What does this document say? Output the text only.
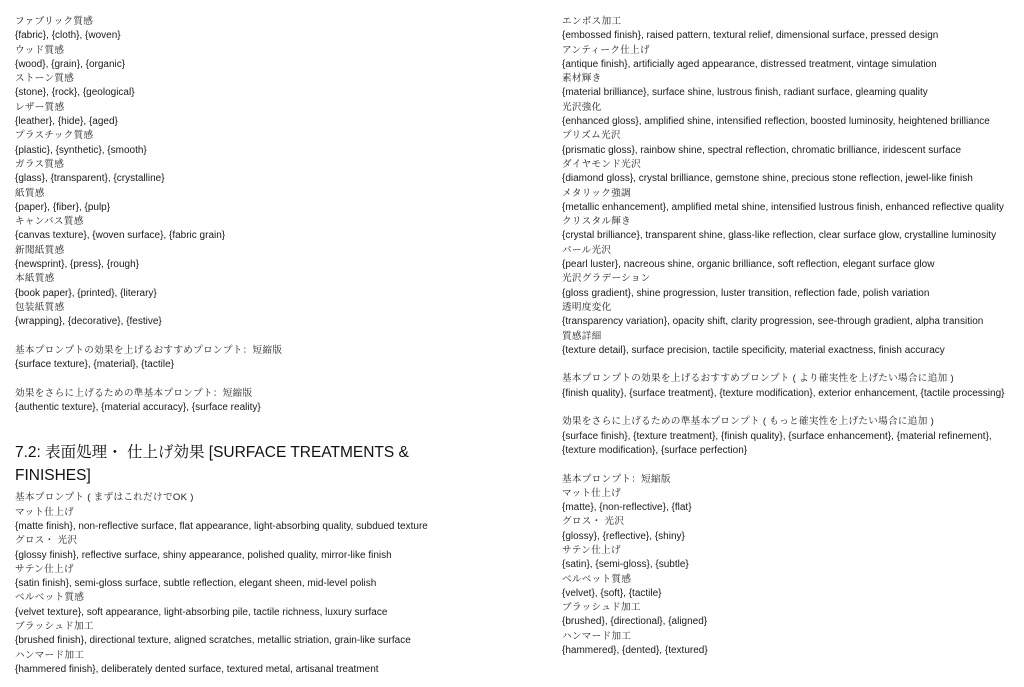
ファブリック質感
{fabric}, {cloth}, {woven}
ウッド質感
{wood}, {grain}, {organic}
ストーン質感
{stone}, {rock}, {geological}
レザー質感
{leather}, {hide}, {aged}
プラスチック質感
{plastic}, {synthetic}, {smooth}
ガラス質感
{glass}, {transparent}, {crystalline}
紙質感
{paper}, {fiber}, {pulp}
キャンバス質感
{canvas texture}, {woven surface}, {fabric grain}
新聞紙質感
{newsprint}, {press}, {rough}
本紙質感
{book paper}, {printed}, {literary}
包装紙質感
{wrapping}, {decorative}, {festive}
基本プロンプトの効果を上げるおすすめプロンプト：短縮版
{surface texture}, {material}, {tactile}
効果をさらに上げるための準基本プロンプト：短縮版
{authentic texture}, {material accuracy}, {surface reality}
7.2: 表面処理・ 仕上げ効果 [SURFACE TREATMENTS & FINISHES]
基本プロンプト ( まずはこれだけでOK )
マット仕上げ
{matte finish}, non-reflective surface, flat appearance, light-absorbing quality, subdued texture
グロス・ 光沢
{glossy finish}, reflective surface, shiny appearance, polished quality, mirror-like finish
サテン仕上げ
{satin finish}, semi-gloss surface, subtle reflection, elegant sheen, mid-level polish
ベルベット質感
{velvet texture}, soft appearance, light-absorbing pile, tactile richness, luxury surface
ブラッシュド加工
{brushed finish}, directional texture, aligned scratches, metallic striation, grain-like surface
ハンマード加工
{hammered finish}, deliberately dented surface, textured metal, artisanal treatment
エンボス加工
{embossed finish}, raised pattern, textural relief, dimensional surface, pressed design
アンティーク仕上げ
{antique finish}, artificially aged appearance, distressed treatment, vintage simulation
素材輝き
{material brilliance}, surface shine, lustrous finish, radiant surface, gleaming quality
光沢強化
{enhanced gloss}, amplified shine, intensified reflection, boosted luminosity, heightened brilliance
プリズム光沢
{prismatic gloss}, rainbow shine, spectral reflection, chromatic brilliance, iridescent surface
ダイヤモンド光沢
{diamond gloss}, crystal brilliance, gemstone shine, precious stone reflection, jewel-like finish
メタリック強調
{metallic enhancement}, amplified metal shine, intensified lustrous finish, enhanced reflective quality
クリスタル輝き
{crystal brilliance}, transparent shine, glass-like reflection, clear surface glow, crystalline luminosity
パール光沢
{pearl luster}, nacreous shine, organic brilliance, soft reflection, elegant surface glow
光沢グラデーション
{gloss gradient}, shine progression, luster transition, reflection fade, polish variation
透明度変化
{transparency variation}, opacity shift, clarity progression, see-through gradient, alpha transition
質感詳細
{texture detail}, surface precision, tactile specificity, material exactness, finish accuracy
基本プロンプトの効果を上げるおすすめプロンプト ( より確実性を上げたい場合に追加 )
{finish quality}, {surface treatment}, {texture modification}, exterior enhancement, {tactile processing}
効果をさらに上げるための準基本プロンプト ( もっと確実性を上げたい場合に追加 )
{surface finish}, {texture treatment}, {finish quality}, {surface enhancement}, {material refinement}, {texture modification}, {surface perfection}
基本プロンプト：短縮版
マット仕上げ
{matte}, {non-reflective}, {flat}
グロス・ 光沢
{glossy}, {reflective}, {shiny}
サテン仕上げ
{satin}, {semi-gloss}, {subtle}
ベルベット質感
{velvet}, {soft}, {tactile}
ブラッシュド加工
{brushed}, {directional}, {aligned}
ハンマード加工
{hammered}, {dented}, {textured}
